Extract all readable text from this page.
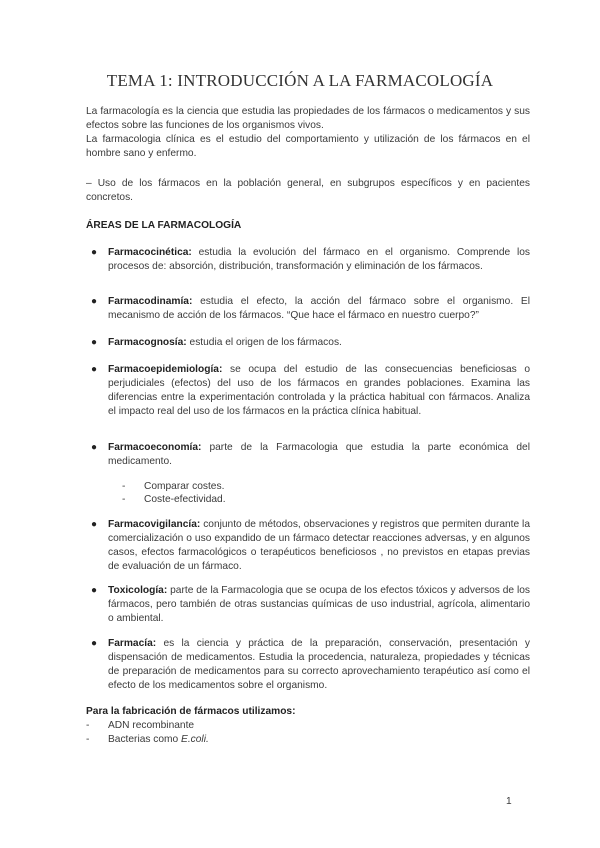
TEMA 1: INTRODUCCIÓN A LA FARMACOLOGÍA
La farmacología es la ciencia que estudia las propiedades de los fármacos o medicamentos y sus efectos sobre las funciones de los organismos vivos.
La farmacologia clínica es el estudio del comportamiento y utilización de los fármacos en el hombre sano y enfermo.
– Uso de los fármacos en la población general, en subgrupos específicos y en pacientes concretos.
ÁREAS DE LA FARMACOLOGÍA
● Farmacocinética: estudia la evolución del fármaco en el organismo. Comprende los procesos de: absorción, distribución, transformación y eliminación de los fármacos.
● Farmacodinamía: estudia el efecto, la acción del fármaco sobre el organismo. El mecanismo de acción de los fármacos. “Que hace el fármaco en nuestro cuerpo?”
● Farmacognosía: estudia el origen de los fármacos.
● Farmacoepidemiología: se ocupa del estudio de las consecuencias beneficiosas o perjudiciales (efectos) del uso de los fármacos en grandes poblaciones. Examina las diferencias entre la experimentación controlada y la práctica habitual con fármacos. Analiza el impacto real del uso de los fármacos en la práctica clínica habitual.
● Farmacoeconomía: parte de la Farmacologia que estudia la parte económica del medicamento.
- Comparar costes.
- Coste-efectividad.
● Farmacovigilancía: conjunto de métodos, observaciones y registros que permiten durante la comercialización o uso expandido de un fármaco detectar reacciones adversas, y en algunos casos, efectos farmacológicos o terapéuticos beneficiosos , no previstos en etapas previas de evaluación de un fármaco.
● Toxicología: parte de la Farmacologia que se ocupa de los efectos tóxicos y adversos de los fármacos, pero también de otras sustancias químicas de uso industrial, agrícola, alimentario o ambiental.
● Farmacía: es la ciencia y práctica de la preparación, conservación, presentación y dispensación de medicamentos. Estudia la procedencia, naturaleza, propiedades y técnicas de preparación de medicamentos para su correcto aprovechamiento terapéutico así como el efecto de los medicamentos sobre el organismo.
Para la fabricación de fármacos utilizamos:
- ADN recombinante
- Bacterias como E.coli.
1
